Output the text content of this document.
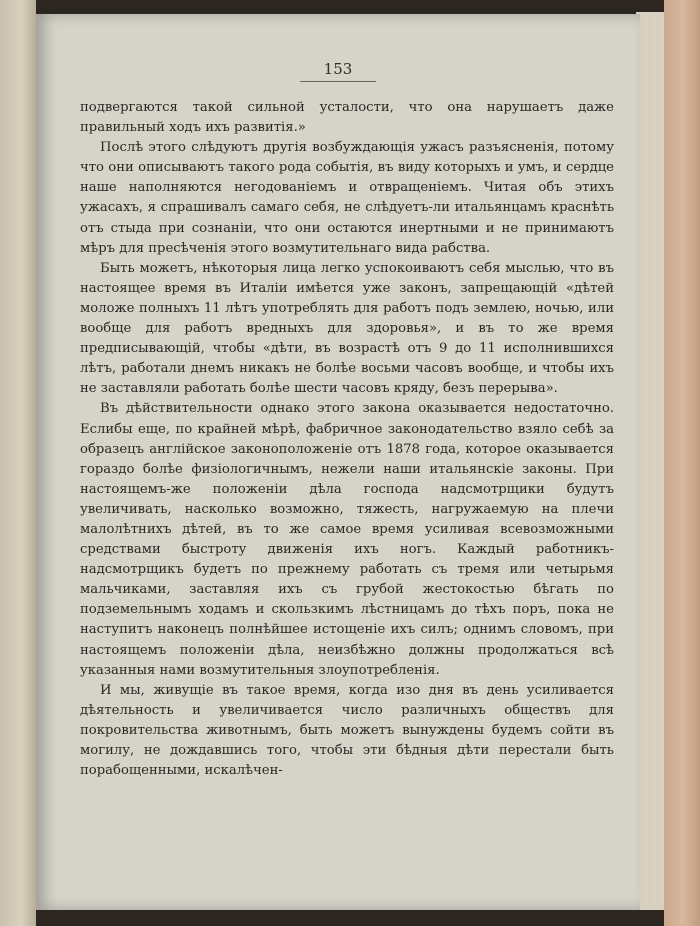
153

подвергаются такой сильной усталости, что она нарушаетъ даже правильный ходъ ихъ развитія.»

Послѣ этого слѣдуютъ другія возбуждающія ужасъ разъясненія, потому что они описываютъ такого рода событія, въ виду которыхъ и умъ, и сердце наше наполняются негодованіемъ и отвращеніемъ. Читая объ этихъ ужасахъ, я спрашивалъ самаго себя, не слѣдуетъ-ли итальянцамъ краснѣть отъ стыда при сознаніи, что они остаются инертными и не принимаютъ мѣръ для пресѣченія этого возмутительнаго вида рабства.

Быть можетъ, нѣкоторыя лица легко успокоиваютъ себя мыслью, что въ настоящее время въ Италіи имѣется уже законъ, запрещающій «дѣтей моложе полныхъ 11 лѣтъ употреблять для работъ подъ землею, ночью, или вообще для работъ вредныхъ для здоровья», и въ то же время предписывающій, чтобы «дѣти, въ возрастѣ отъ 9 до 11 исполнившихся лѣтъ, работали днемъ никакъ не болѣе восьми часовъ вообще, и чтобы ихъ не заставляли работать болѣе шести часовъ кряду, безъ перерыва».

Въ дѣйствительности однако этого закона оказывается недостаточно. Еслибы еще, по крайней мѣрѣ, фабричное законодательство взяло себѣ за образецъ англійское законоположеніе отъ 1878 года, которое оказывается гораздо болѣе физіологичнымъ, нежели наши итальянскіе законы. При настоящемъ-же положеніи дѣла господа надсмотрщики будутъ увеличивать, насколько возможно, тяжесть, нагружаемую на плечи малолѣтнихъ дѣтей, въ то же самое время усиливая всевозможными средствами быстроту движенія ихъ ногъ. Каждый работникъ-надсмотрщикъ будетъ по прежнему работать съ тремя или четырьмя мальчиками, заставляя ихъ съ грубой жестокостью бѣгать по подземельнымъ ходамъ и скользкимъ лѣстницамъ до тѣхъ поръ, пока не наступитъ наконецъ полнѣйшее истощеніе ихъ силъ; однимъ словомъ, при настоящемъ положеніи дѣла, неизбѣжно должны продолжаться всѣ указанныя нами возмутительныя злоупотребленія.

И мы, живущіе въ такое время, когда изо дня въ день усиливается дѣятельность и увеличивается число различныхъ обществъ для покровительства животнымъ, быть можетъ вынуждены будемъ сойти въ могилу, не дождавшись того, чтобы эти бѣдныя дѣти перестали быть порабощенными, искалѣчен-
